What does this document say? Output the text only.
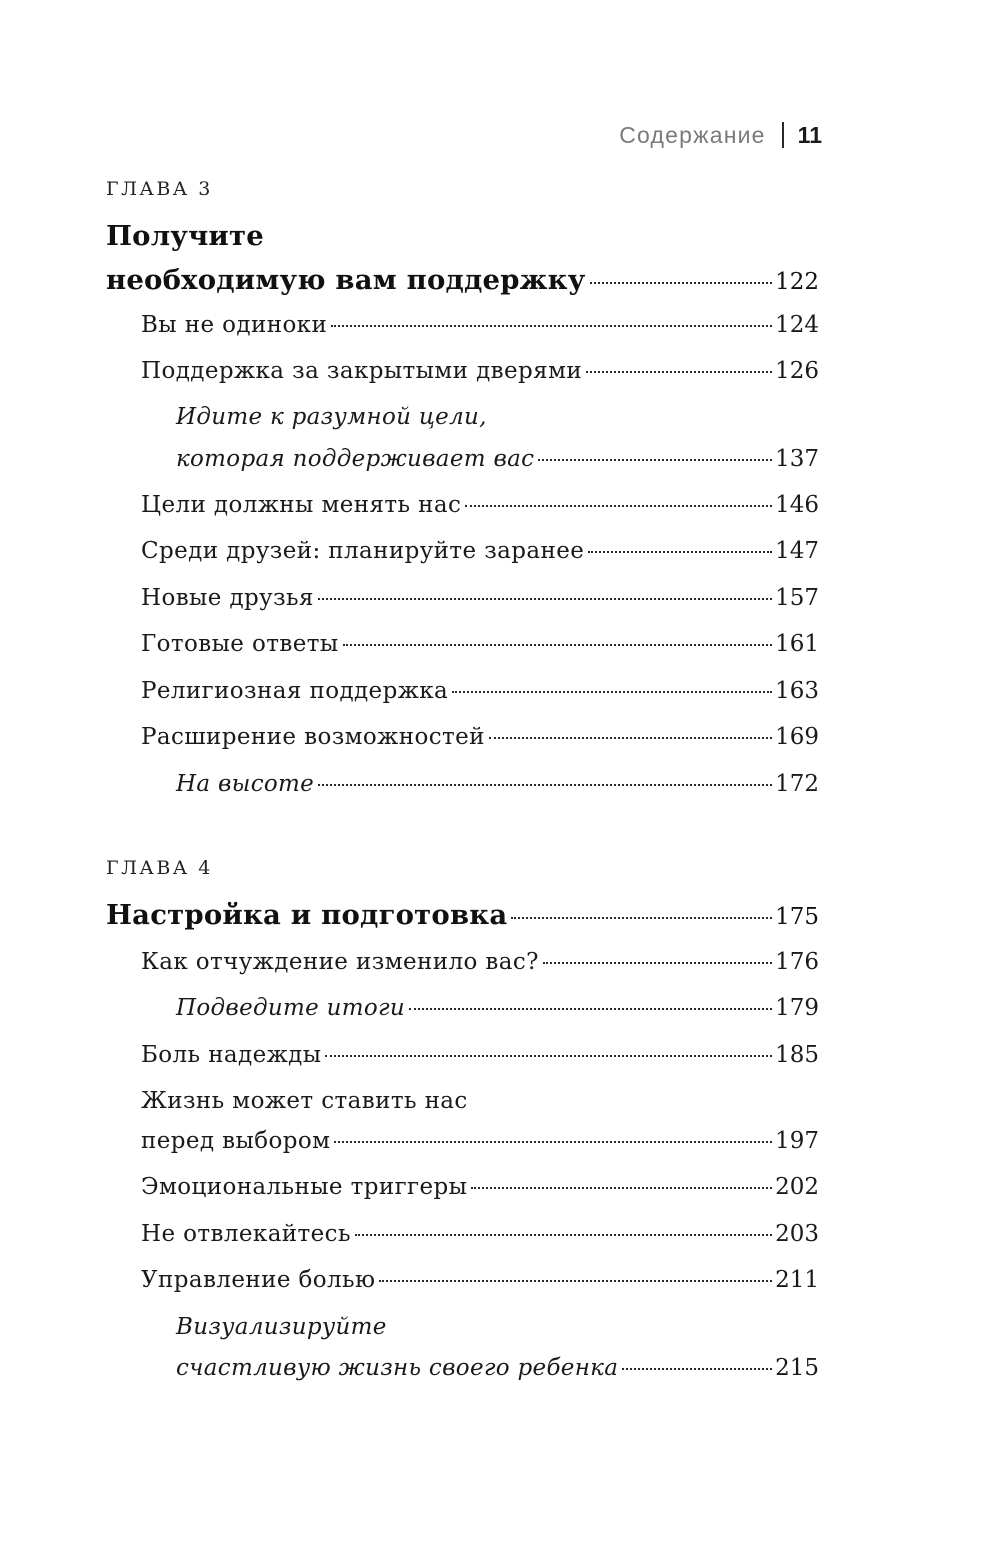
Содержание 11
ГЛАВА 3
Получите
необходимую вам поддержку	122
Вы не одиноки	124
Поддержка за закрытыми дверями	126
Идите к разумной цели,
которая поддерживает вас	137
Цели должны менять нас	146
Среди друзей: планируйте заранее	147
Новые друзья	157
Готовые ответы	161
Религиозная поддержка	163
Расширение возможностей	169
На высоте	172
ГЛАВА 4
Настройка и подготовка	175
Как отчуждение изменило вас?	176
Подведите итоги	179
Боль надежды	185
Жизнь может ставить нас
перед выбором	197
Эмоциональные триггеры	202
Не отвлекайтесь	203
Управление болью	211
Визуализируйте
счастливую жизнь своего ребенка	215
